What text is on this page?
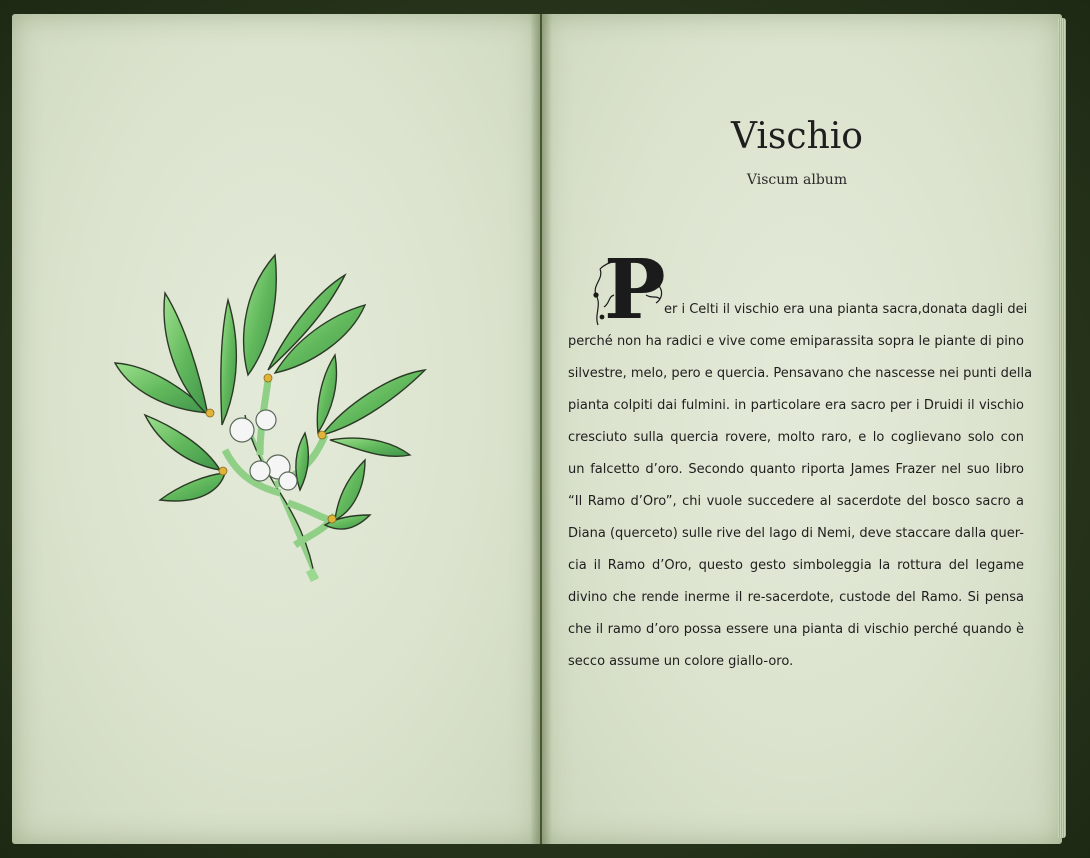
Vischio

Viscum album

P

er i Celti il vischio era una pianta sacra,donata dagli dei

perché non ha radici e vive come emiparassita sopra le piante di pino

silvestre, melo, pero e quercia. Pensavano che nascesse nei punti della

pianta colpiti dai fulmini. in particolare era sacro per i Druidi il vischio

cresciuto sulla quercia rovere, molto raro, e lo coglievano solo con

un falcetto d’oro. Secondo quanto riporta James Frazer nel suo libro

“Il Ramo d’Oro”, chi vuole succedere al sacerdote del bosco sacro a

Diana (querceto) sulle rive del lago di Nemi, deve staccare dalla quer-

cia il Ramo d’Oro, questo gesto simboleggia la rottura del legame

divino che rende inerme il re-sacerdote, custode del Ramo. Si pensa

che il ramo d’oro possa essere una pianta di vischio perché quando è

secco assume un colore giallo-oro.
